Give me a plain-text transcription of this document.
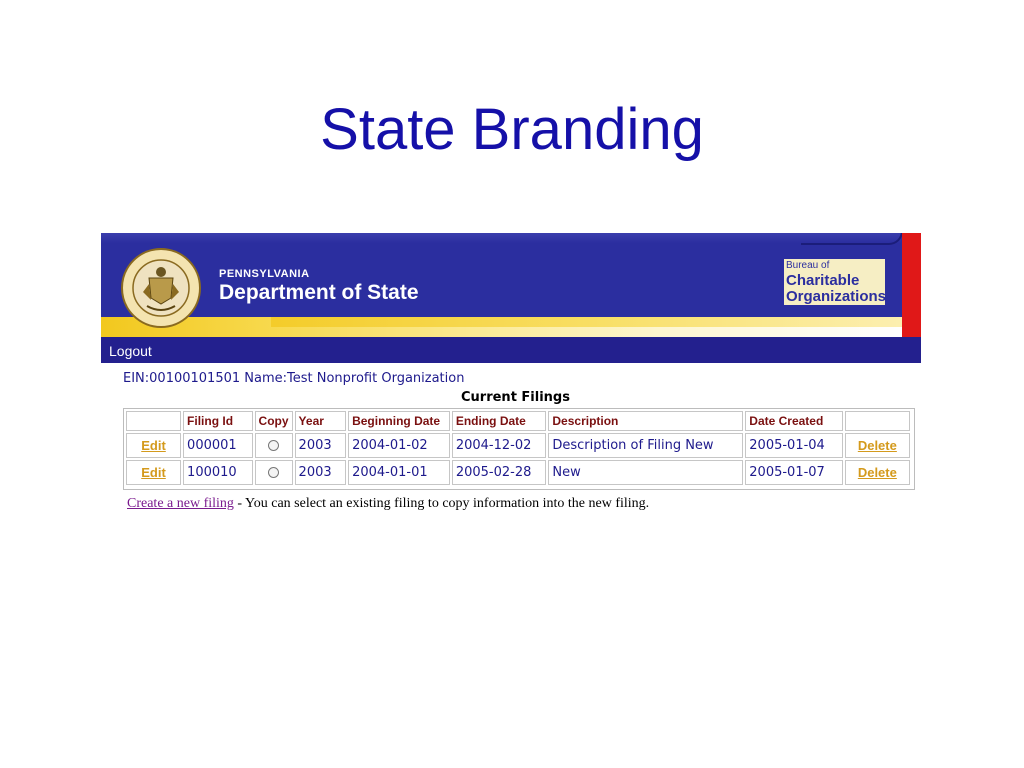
State Branding
PENNSYLVANIA
Department of State
Bureau of
Charitable
Organizations
Logout
EIN:00100101501 Name:Test Nonprofit Organization
Current Filings
	Filing Id	Copy	Year	Beginning Date	Ending Date	Description	Date Created	
Edit	000001		2003	2004-01-02	2004-12-02	Description of Filing New	2005-01-04	Delete
Edit	100010		2003	2004-01-01	2005-02-28	New	2005-01-07	Delete
Create a new filing - You can select an existing filing to copy information into the new filing.
